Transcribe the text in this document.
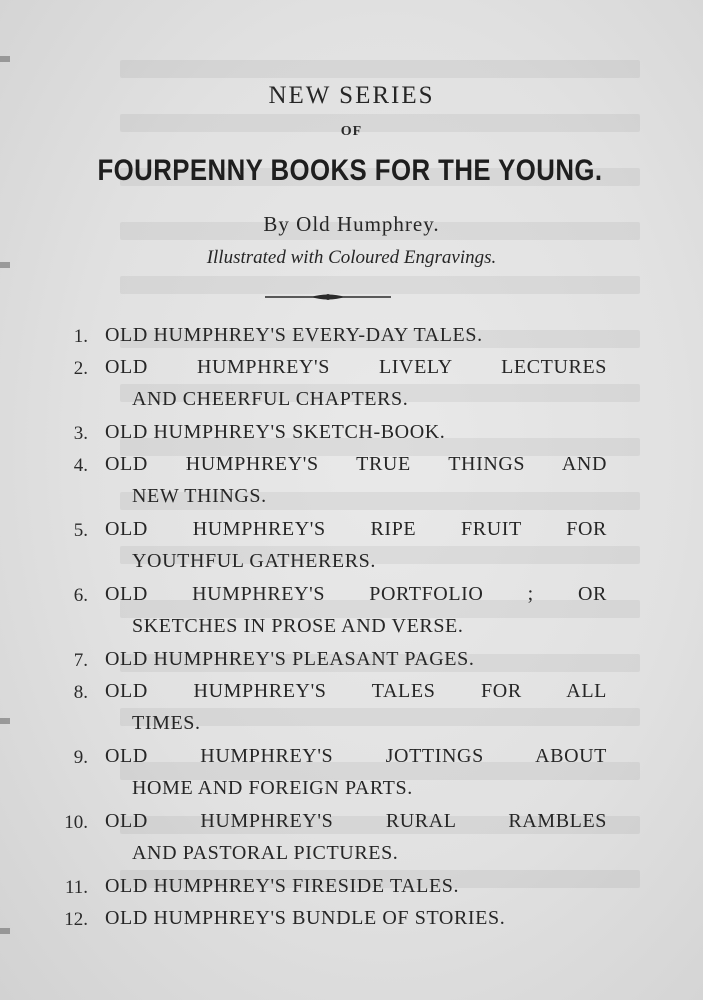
NEW SERIES
OF
FOURPENNY BOOKS FOR THE YOUNG.
By Old Humphrey.
Illustrated with Coloured Engravings.
1. OLD HUMPHREY'S EVERY-DAY TALES.
2. OLD HUMPHREY'S LIVELY LECTURES
AND CHEERFUL CHAPTERS.
3. OLD HUMPHREY'S SKETCH-BOOK.
4. OLD HUMPHREY'S TRUE THINGS AND
NEW THINGS.
5. OLD HUMPHREY'S RIPE FRUIT FOR
YOUTHFUL GATHERERS.
6. OLD HUMPHREY'S PORTFOLIO ; OR
SKETCHES IN PROSE AND VERSE.
7. OLD HUMPHREY'S PLEASANT PAGES.
8. OLD HUMPHREY'S TALES FOR ALL
TIMES.
9. OLD HUMPHREY'S JOTTINGS ABOUT
HOME AND FOREIGN PARTS.
10. OLD HUMPHREY'S RURAL RAMBLES
AND PASTORAL PICTURES.
11. OLD HUMPHREY'S FIRESIDE TALES.
12. OLD HUMPHREY'S BUNDLE OF STORIES.
